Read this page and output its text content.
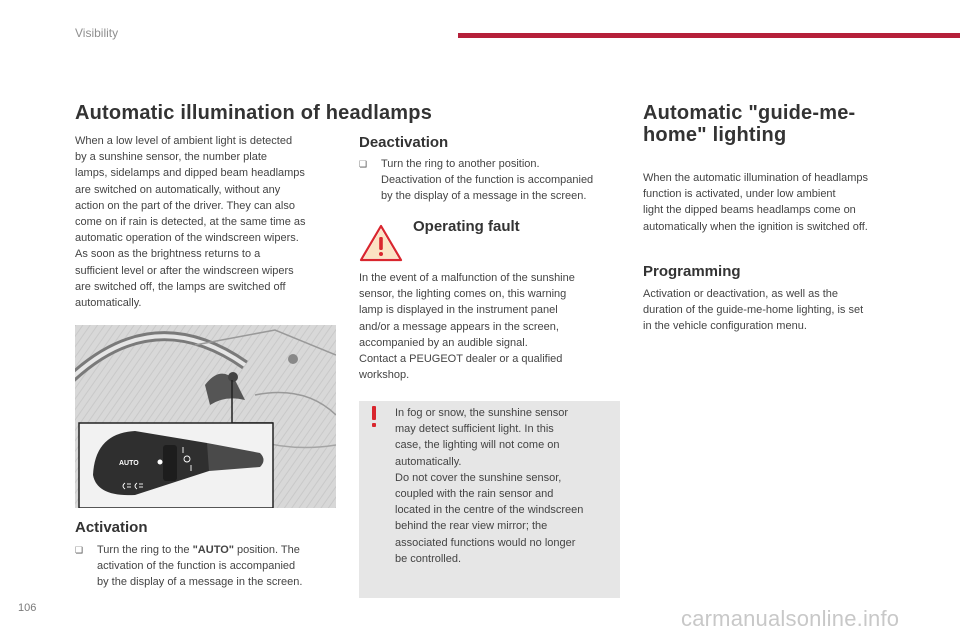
Visibility
Automatic illumination of headlamps
When a low level of ambient light is detected
by a sunshine sensor, the number plate
lamps, sidelamps and dipped beam headlamps
are switched on automatically, without any
action on the part of the driver. They can also
come on if rain is detected, at the same time as
automatic operation of the windscreen wipers.
As soon as the brightness returns to a
sufficient level or after the windscreen wipers
are switched off, the lamps are switched off
automatically.
AUTO
Activation
❏ Turn the ring to the "AUTO" position. The
activation of the function is accompanied
by the display of a message in the screen.
Deactivation
❏ Turn the ring to another position.
Deactivation of the function is accompanied
by the display of a message in the screen.
Operating fault
In the event of a malfunction of the sunshine
sensor, the lighting comes on, this warning
lamp is displayed in the instrument panel
and/or a message appears in the screen,
accompanied by an audible signal.
Contact a PEUGEOT dealer or a qualified
workshop.
In fog or snow, the sunshine sensor
may detect sufficient light. In this
case, the lighting will not come on
automatically.
Do not cover the sunshine sensor,
coupled with the rain sensor and
located in the centre of the windscreen
behind the rear view mirror; the
associated functions would no longer
be controlled.
Automatic "guide-me-
home" lighting
When the automatic illumination of headlamps
function is activated, under low ambient
light the dipped beams headlamps come on
automatically when the ignition is switched off.
Programming
Activation or deactivation, as well as the
duration of the guide-me-home lighting, is set
in the vehicle configuration menu.
106	carmanualsonline.info
